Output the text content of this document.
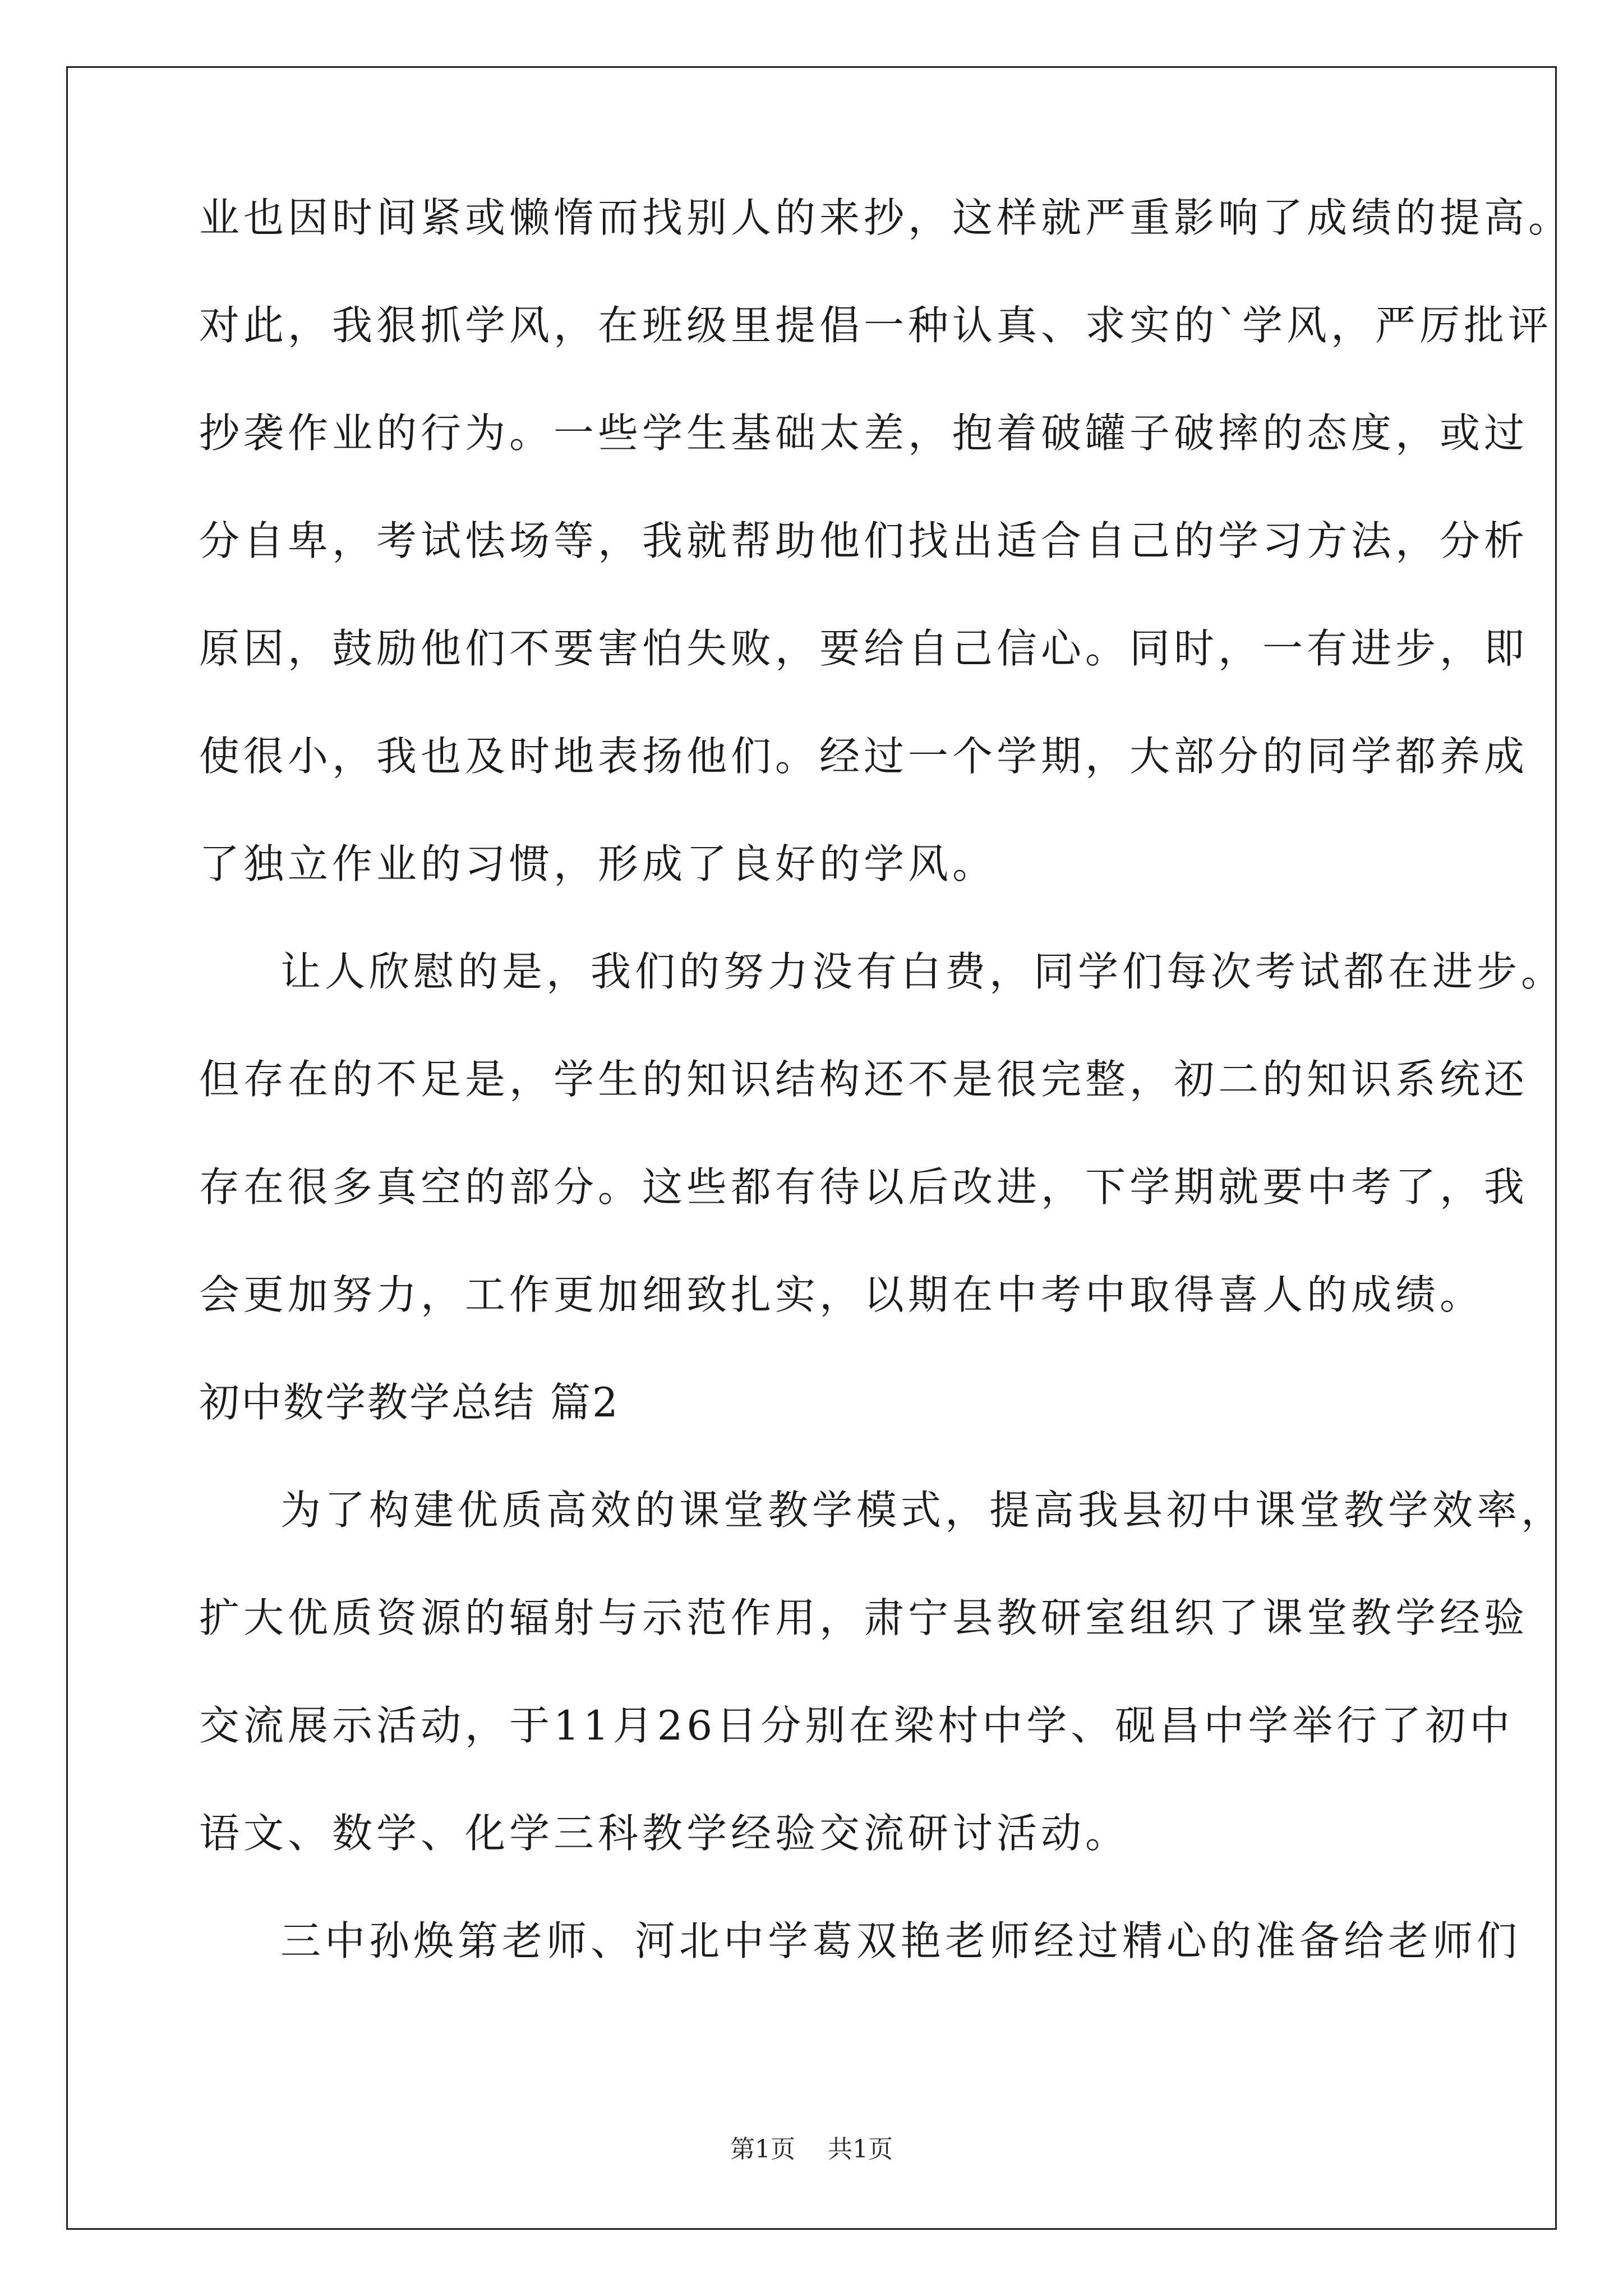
业也因时间紧或懒惰而找别人的来抄，这样就严重影响了成绩的提高。
对此，我狠抓学风，在班级里提倡一种认真、求实的`学风，严厉批评
抄袭作业的行为。一些学生基础太差，抱着破罐子破摔的态度，或过
分自卑，考试怯场等，我就帮助他们找出适合自己的学习方法，分析
原因，鼓励他们不要害怕失败，要给自己信心。同时，一有进步，即
使很小，我也及时地表扬他们。经过一个学期，大部分的同学都养成
了独立作业的习惯，形成了良好的学风。
让人欣慰的是，我们的努力没有白费，同学们每次考试都在进步。
但存在的不足是，学生的知识结构还不是很完整，初二的知识系统还
存在很多真空的部分。这些都有待以后改进，下学期就要中考了，我
会更加努力，工作更加细致扎实，以期在中考中取得喜人的成绩。
初中数学教学总结 篇2
为了构建优质高效的课堂教学模式，提高我县初中课堂教学效率，
扩大优质资源的辐射与示范作用，肃宁县教研室组织了课堂教学经验
交流展示活动，于11月26日分别在梁村中学、砚昌中学举行了初中
语文、数学、化学三科教学经验交流研讨活动。
三中孙焕第老师、河北中学葛双艳老师经过精心的准备给老师们
第1页 共1页
